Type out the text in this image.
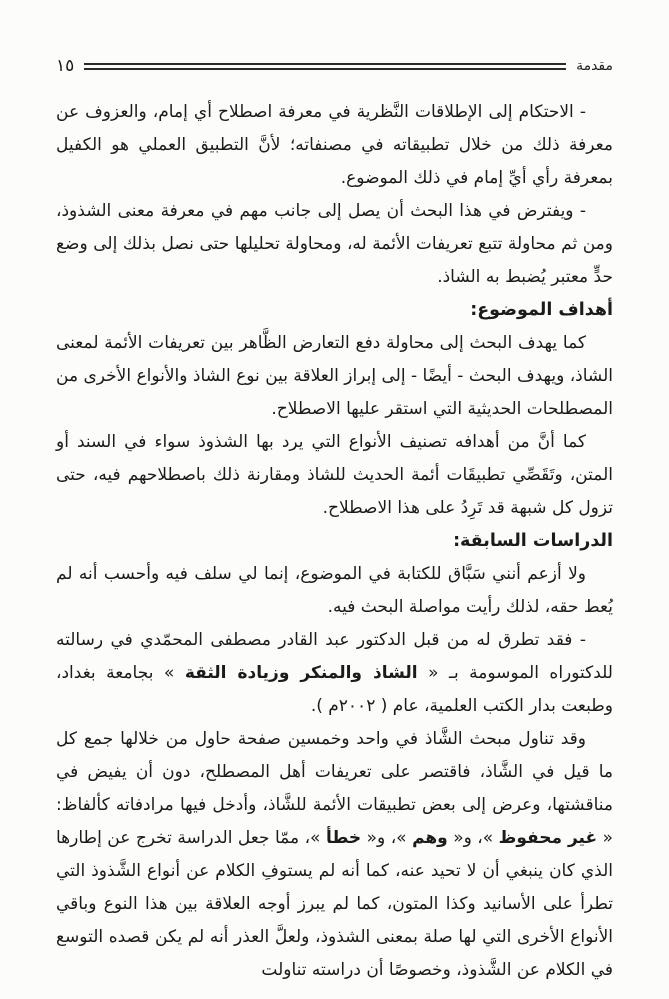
مقدمة
١٥

- الاحتكام إلى الإطلاقات النَّظرية في معرفة اصطلاح أي إمام، والعزوف عن معرفة ذلك من خلال تطبيقاته في مصنفاته؛ لأنَّ التطبيق العملي هو الكفيل بمعرفة رأي أيِّ إمام في ذلك الموضوع.

- ويفترض في هذا البحث أن يصل إلى جانب مهم في معرفة معنى الشذوذ، ومن ثم محاولة تتبع تعريفات الأئمة له، ومحاولة تحليلها حتى نصل بذلك إلى وضع حدٍّ معتبر يُضبط به الشاذ.

أهداف الموضوع:

كما يهدف البحث إلى محاولة دفع التعارض الظَّاهر بين تعريفات الأئمة لمعنى الشاذ، ويهدف البحث - أيضًا - إلى إبراز العلاقة بين نوع الشاذ والأنواع الأخرى من المصطلحات الحديثية التي استقر عليها الاصطلاح.

كما أنَّ من أهدافه تصنيف الأنواع التي يرد بها الشذوذ سواء في السند أو المتن، وتَقَصِّي تطبيقَات أئمة الحديث للشاذ ومقارنة ذلك باصطلاحهم فيه، حتى تزول كل شبهة قد تَرِدُ على هذا الاصطلاح.

الدراسات السابقة:

ولا أزعم أنني سَبَّاق للكتابة في الموضوع، إنما لي سلف فيه وأحسب أنه لم يُعط حقه، لذلك رأيت مواصلة البحث فيه.

- فقد تطرق له من قبل الدكتور عبد القادر مصطفى المحمّدي في رسالته للدكتوراه الموسومة بـ « الشاذ والمنكر وزيادة الثقة » بجامعة بغداد، وطبعت بدار الكتب العلمية، عام ( ٢٠٠٢م ).

وقد تناول مبحث الشَّاذ في واحد وخمسين صفحة حاول من خلالها جمع كل ما قيل في الشَّاذ، فاقتصر على تعريفات أهل المصطلح، دون أن يفيض في مناقشتها، وعرض إلى بعض تطبيقات الأئمة للشَّاذ، وأدخل فيها مرادفاته كألفاظ: « غير محفوظ »، و« وهم »، و« خطأ »، ممّا جعل الدراسة تخرج عن إطارها الذي كان ينبغي أن لا تحيد عنه، كما أنه لم يستوفِ الكلام عن أنواع الشَّذوذ التي تطرأ على الأسانيد وكذا المتون، كما لم يبرز أوجه العلاقة بين هذا النوع وباقي الأنواع الأخرى التي لها صلة بمعنى الشذوذ، ولعلَّ العذر أنه لم يكن قصده التوسع في الكلام عن الشَّذوذ، وخصوصًا أن دراسته تناولت
